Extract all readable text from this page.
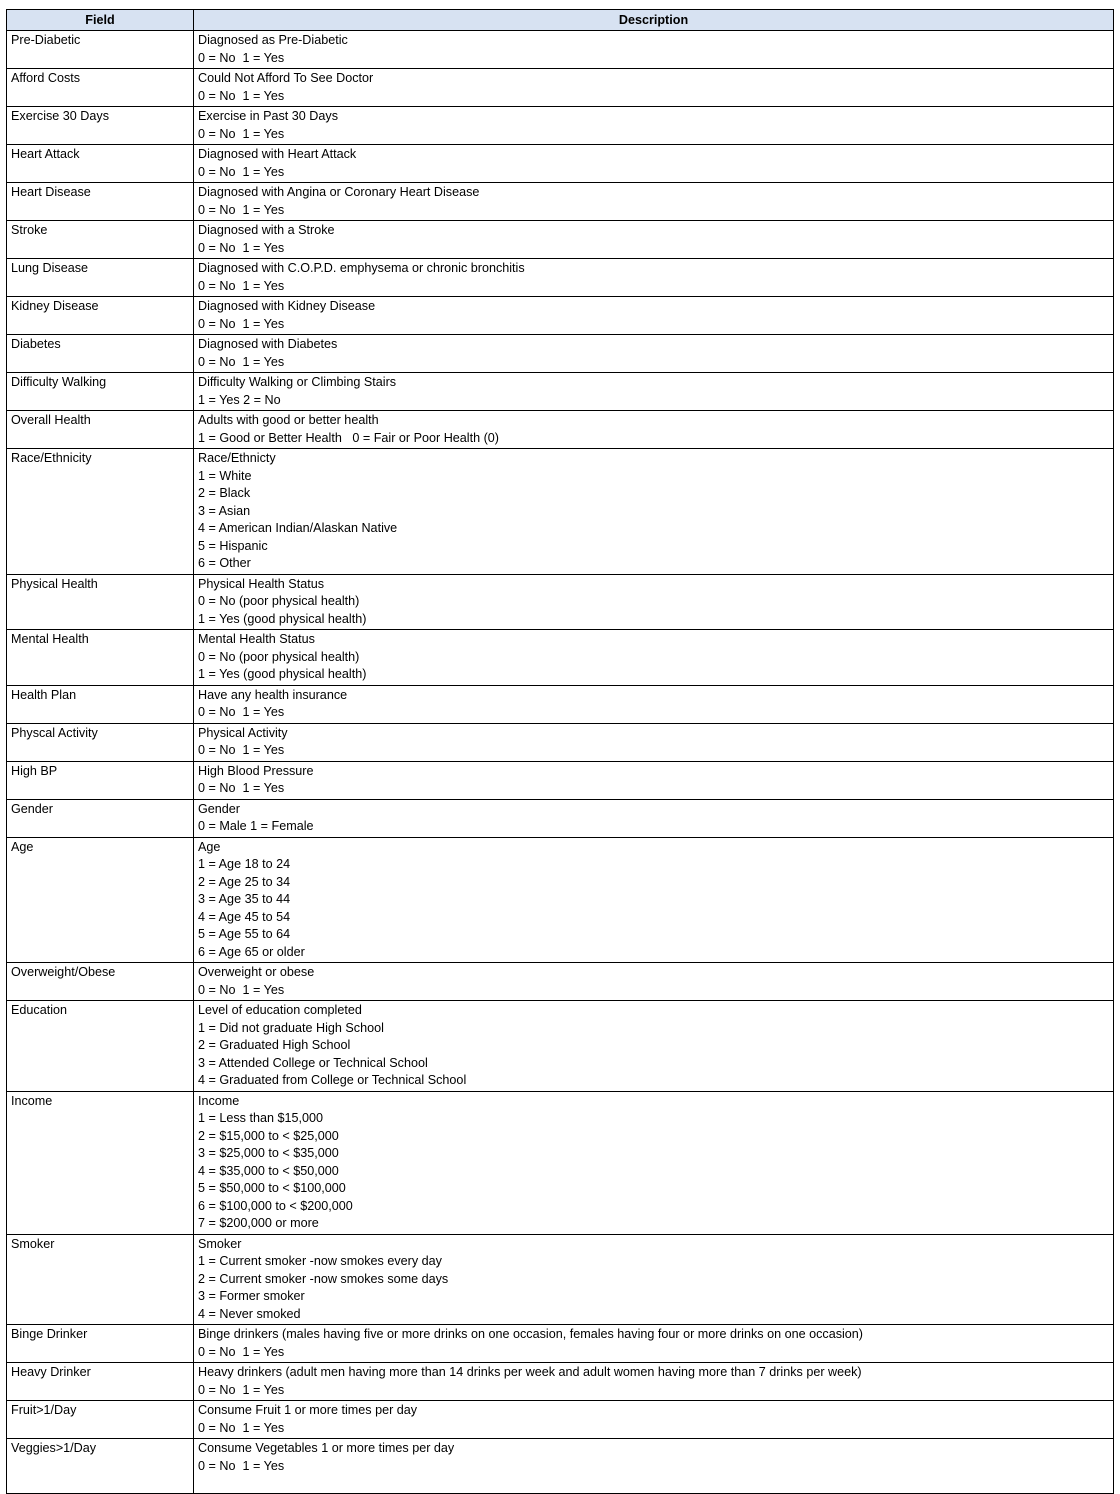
Field	Description
Pre-Diabetic	Diagnosed as Pre-Diabetic
0 = No  1 = Yes

Afford Costs	Could Not Afford To See Doctor
0 = No  1 = Yes

Exercise 30 Days	Exercise in Past 30 Days
0 = No  1 = Yes

Heart Attack	Diagnosed with Heart Attack
0 = No  1 = Yes

Heart Disease	Diagnosed with Angina or Coronary Heart Disease
0 = No  1 = Yes

Stroke	Diagnosed with a Stroke
0 = No  1 = Yes

Lung Disease	Diagnosed with C.O.P.D. emphysema or chronic bronchitis
0 = No  1 = Yes

Kidney Disease	Diagnosed with Kidney Disease
0 = No  1 = Yes

Diabetes	Diagnosed with Diabetes
0 = No  1 = Yes

Difficulty Walking	Difficulty Walking or Climbing Stairs
1 = Yes 2 = No

Overall Health	Adults with good or better health
1 = Good or Better Health   0 = Fair or Poor Health (0)

Race/Ethnicity	Race/Ethnicty
1 = White
2 = Black
3 = Asian
4 = American Indian/Alaskan Native
5 = Hispanic
6 = Other

Physical Health	Physical Health Status
0 = No (poor physical health)
1 = Yes (good physical health)

Mental Health	Mental Health Status
0 = No (poor physical health)
1 = Yes (good physical health)

Health Plan	Have any health insurance
0 = No  1 = Yes

Physcal Activity	Physical Activity
0 = No  1 = Yes

High BP	High Blood Pressure
0 = No  1 = Yes

Gender	Gender
0 = Male 1 = Female

Age	Age
1 = Age 18 to 24
2 = Age 25 to 34
3 = Age 35 to 44
4 = Age 45 to 54
5 = Age 55 to 64
6 = Age 65 or older

Overweight/Obese	Overweight or obese
0 = No  1 = Yes

Education	Level of education completed
1 = Did not graduate High School
2 = Graduated High School
3 = Attended College or Technical School
4 = Graduated from College or Technical School

Income	Income
1 = Less than $15,000
2 = $15,000 to < $25,000
3 = $25,000 to < $35,000
4 = $35,000 to < $50,000
5 = $50,000 to < $100,000
6 = $100,000 to < $200,000
7 = $200,000 or more

Smoker	Smoker
1 = Current smoker -now smokes every day
2 = Current smoker -now smokes some days
3 = Former smoker
4 = Never smoked

Binge Drinker	Binge drinkers (males having five or more drinks on one occasion, females having four or more drinks on one occasion)
0 = No  1 = Yes

Heavy Drinker	Heavy drinkers (adult men having more than 14 drinks per week and adult women having more than 7 drinks per week)
0 = No  1 = Yes

Fruit>1/Day	Consume Fruit 1 or more times per day
0 = No  1 = Yes

Veggies>1/Day	Consume Vegetables 1 or more times per day
0 = No  1 = Yes
